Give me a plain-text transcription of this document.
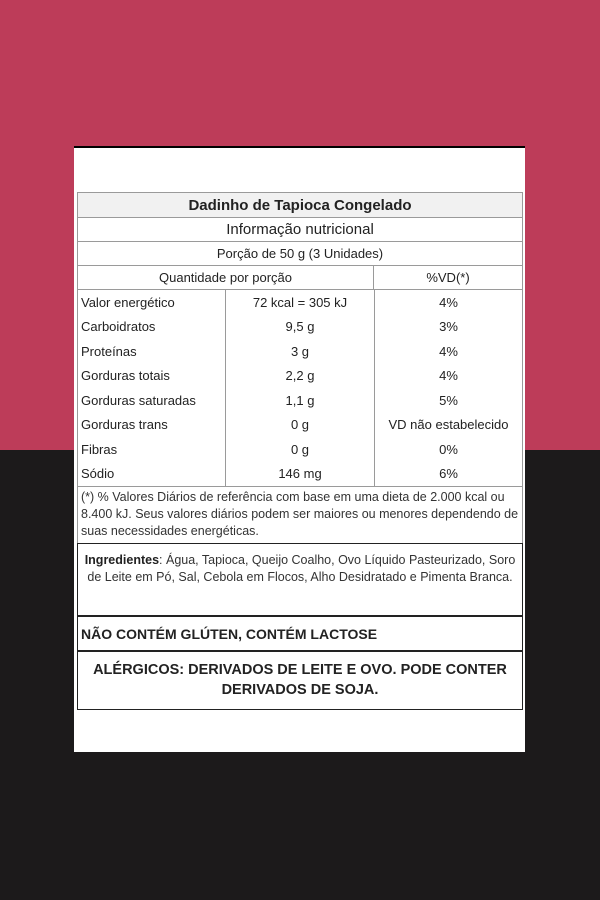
Dadinho de Tapioca Congelado
Informação nutricional
Porção de 50 g (3 Unidades)
Quantidade por porção	%VD(*)
Valor energético
Carboidratos
Proteínas
Gorduras totais
Gorduras saturadas
Gorduras trans
Fibras
Sódio
72 kcal = 305 kJ
9,5 g
3 g
2,2 g
1,1 g
0 g
0 g
146 mg
4%
3%
4%
4%
5%
VD não estabelecido
0%
6%
(*) % Valores Diários de referência com base em uma dieta de 2.000 kcal ou 8.400 kJ. Seus valores diários podem ser maiores ou menores dependendo de suas necessidades energéticas.
Ingredientes: Água, Tapioca, Queijo Coalho, Ovo Líquido Pasteurizado, Soro de Leite em Pó, Sal, Cebola em Flocos, Alho Desidratado e Pimenta Branca.
NÃO CONTÉM GLÚTEN, CONTÉM LACTOSE
ALÉRGICOS: DERIVADOS DE LEITE E OVO. PODE CONTER DERIVADOS DE SOJA.
